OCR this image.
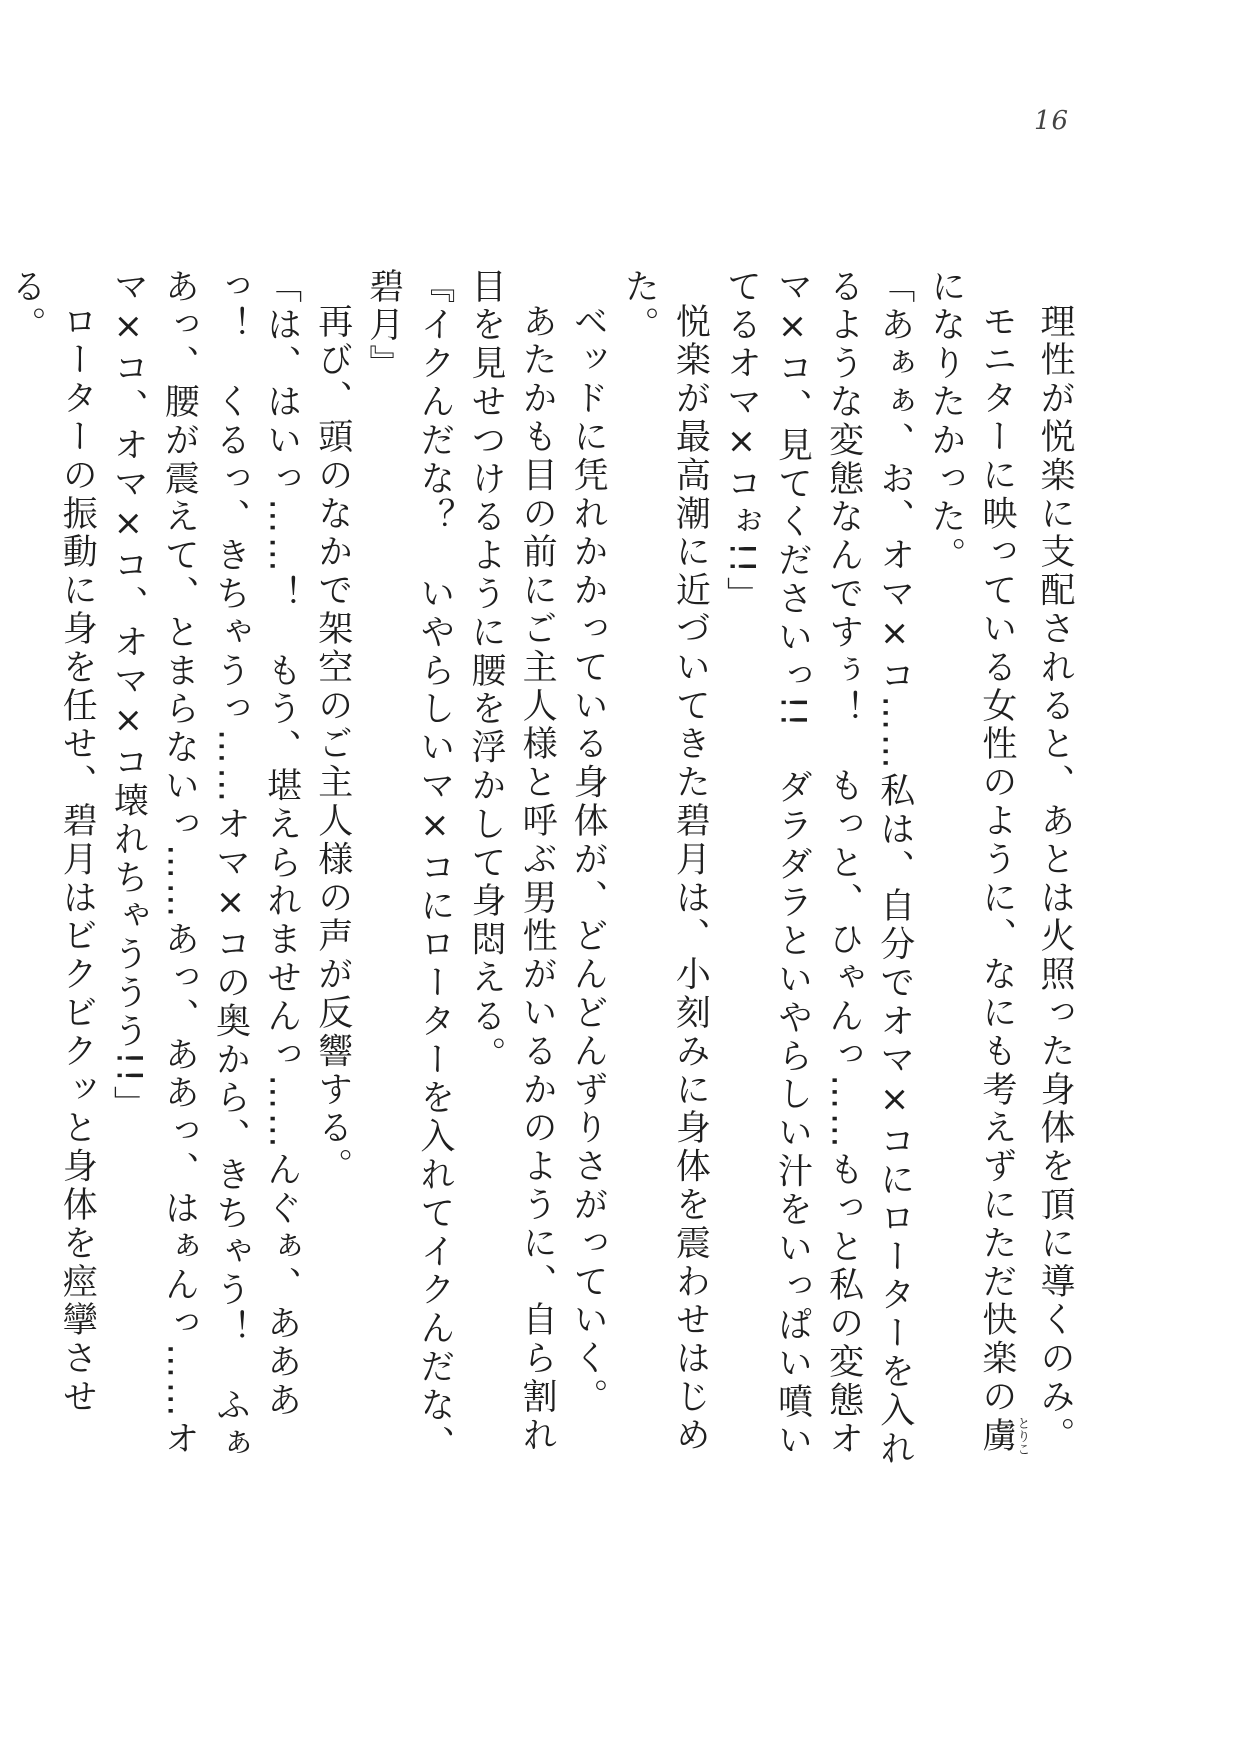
16

理性が悦楽に支配されると、あとは火照った身体を頂に導くのみ。

モニターに映っている女性のように、なにも考えずにただ快楽の虜とりこになりたかった。

「あぁぁ、お、オマ×コ……私は、自分でオマ×コにローターを入れるような変態なんですぅ！　もっと、ひゃんっ……もっと私の変態オマ×コ、見てくださいっ!!　ダラダラといやらしい汁をいっぱい噴いてるオマ×コぉ!!」

悦楽が最高潮に近づいてきた碧月は、小刻みに身体を震わせはじめた。

ベッドに凭れかかっている身体が、どんどんずりさがっていく。

あたかも目の前にご主人様と呼ぶ男性がいるかのように、自ら割れ目を見せつけるように腰を浮かして身悶える。

『イクんだな？　いやらしいマ×コにローターを入れてイクんだな、碧月』

再び、頭のなかで架空のご主人様の声が反響する。

「は、はいっ……！　もう、堪えられませんっ……んぐぁ、あああっ！　くるっ、きちゃうっ……オマ×コの奥から、きちゃう！　ふぁあっ、腰が震えて、とまらないっ……あっ、ああっ、はぁんっ……オマ×コ、オマ×コ、オマ×コ壊れちゃううう!!」

ローターの振動に身を任せ、碧月はビクビクッと身体を痙攣させる。
